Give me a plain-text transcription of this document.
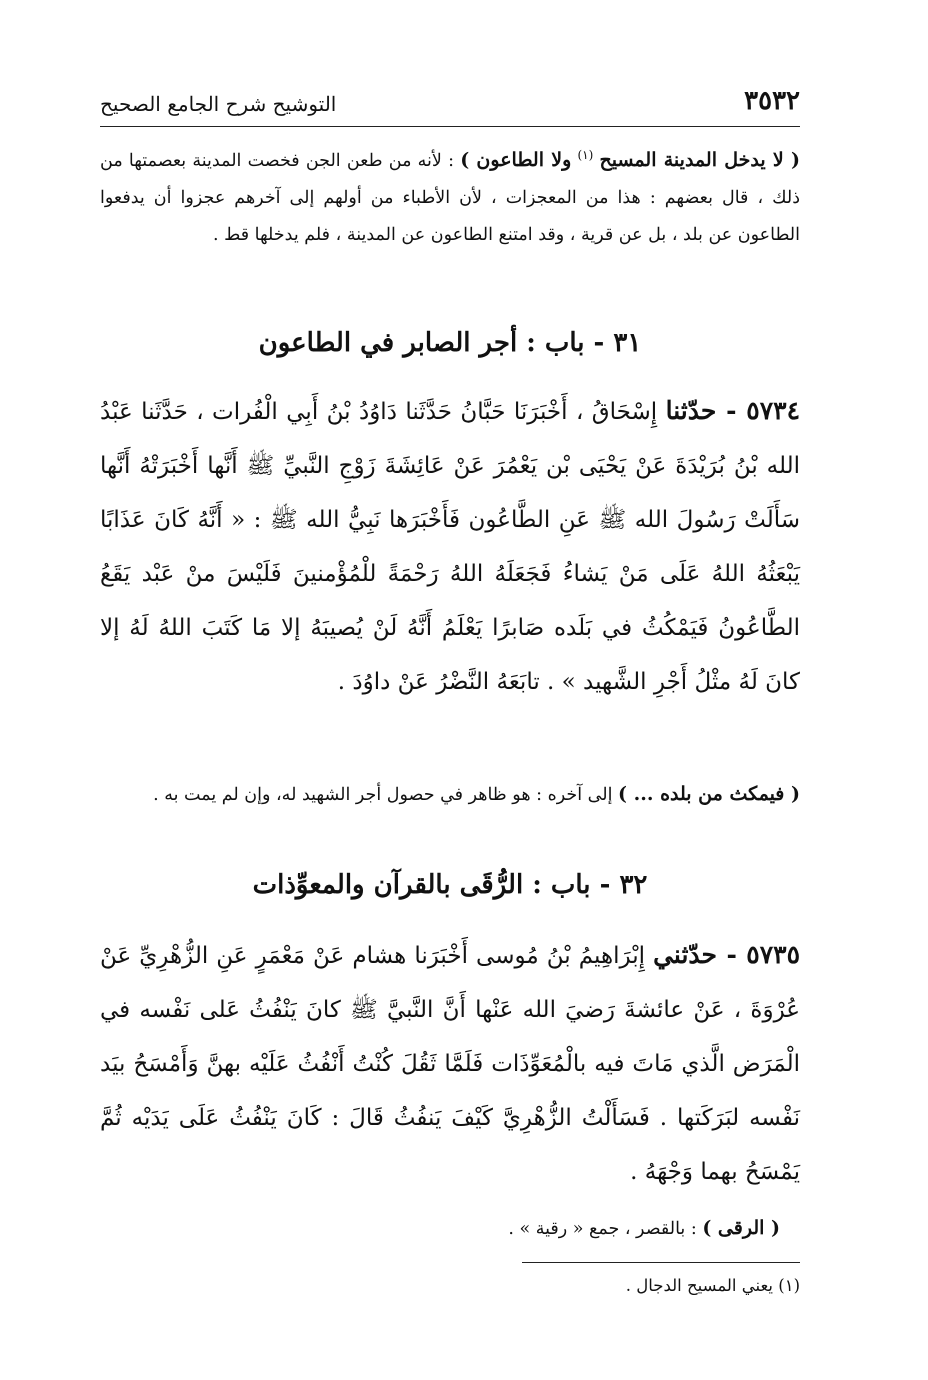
٣٥٣٢
التوشيح شرح الجامع الصحيح
( لا يدخل المدينة المسيح $^{(١)}$ ولا الطاعون ) : لأنه من طعن الجن فخصت المدينة بعصمتها من ذلك ، قال بعضهم : هذا من المعجزات ، لأن الأطباء من أولهم إلى آخرهم عجزوا أن يدفعوا الطاعون عن بلد ، بل عن قرية ، وقد امتنع الطاعون عن المدينة ، فلم يدخلها قط .
٣١ - باب : أجر الصابر في الطاعون
٥٧٣٤ - حدّثنا إِسْحَاقُ ، أَخْبَرَنَا حَبَّانُ حَدَّثَنا دَاوُدُ بْنُ أَبِي الْفُرات ، حَدَّثَنا عَبْدُ الله بْنُ بُرَيْدَةَ عَنْ يَحْيَى بْن يَعْمُرَ عَنْ عَائِشَةَ زَوْجِ النَّبيِّ ﷺ أَنَّها أَخْبَرَتْهُ أَنَّها سَأَلَتْ رَسُولَ الله ﷺ عَنِ الطَّاعُون فَأَخْبَرَها نَبِيُّ الله ﷺ : « أَنَّهُ كَانَ عَذَابًا يَبْعَثُهُ اللهُ عَلَى مَنْ يَشاءُ فَجَعَلَهُ اللهُ رَحْمَةً للْمُؤْمنينَ فَلَيْسَ منْ عَبْد يَقَعُ الطَّاعُونُ فَيَمْكُثُ في بَلَده صَابرًا يَعْلَمُ أَنَّهُ لَنْ يُصيبَهُ إلا مَا كَتَبَ اللهُ لَهُ إلا كانَ لَهُ مثْلُ أَجْرِ الشَّهيد » . تابَعَهُ النَّضْرُ عَنْ داوُدَ .
( فيمكث من بلده ... ) إلى آخره : هو ظاهر في حصول أجر الشهيد له، وإن لم يمت به .
٣٢ - باب : الرُّقَى بالقرآن والمعوِّذات
٥٧٣٥ - حدّثني إِبْرَاهِيمُ بْنُ مُوسى أَخْبَرَنا هشام عَنْ مَعْمَرٍ عَنِ الزُّهْرِيِّ عَنْ عُرْوَةَ ، عَنْ عائشةَ رَضيَ الله عَنْها أَنَّ النَّبيَّ ﷺ كانَ يَنْفُثُ عَلى نَفْسه في الْمَرَض الَّذي مَاتَ فيه بالْمُعَوِّذَات فَلَمَّا ثَقُلَ كُنْتُ أَنْفُثُ عَلَيْه بهنَّ وَأَمْسَحُ بيَد نَفْسه لبَرَكَتها . فَسَأَلْتُ الزُّهْرِيَّ كَيْفَ يَنفُثُ قَالَ : كَانَ يَنْفُثُ عَلَى يَدَيْه ثُمَّ يَمْسَحُ بهما وَجْهَهُ .
( الرقى ) : بالقصر ، جمع « رقية » .
(١) يعني المسيح الدجال .
